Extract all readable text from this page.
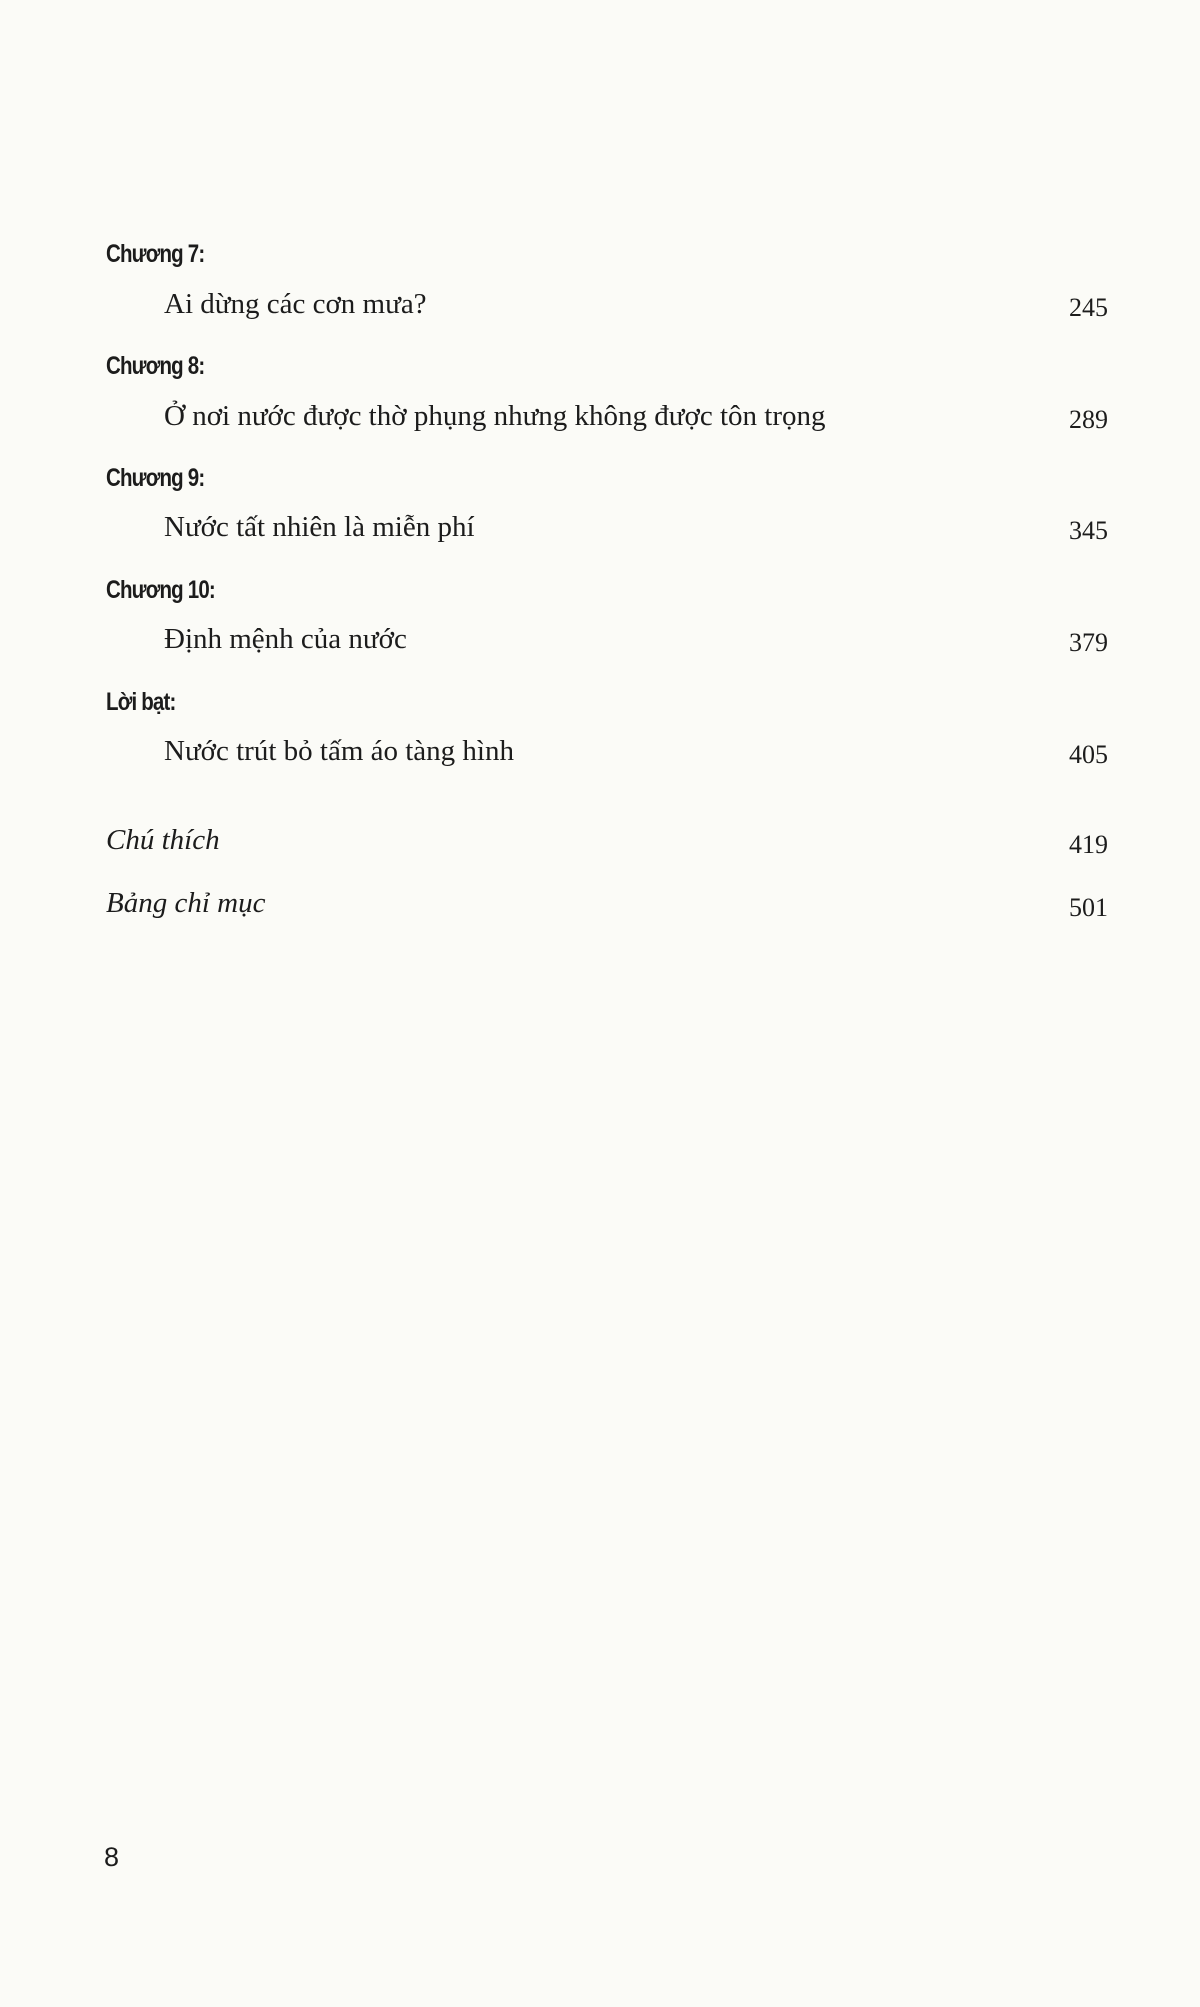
Chương 7:
Ai dừng các cơn mưa?	245
Chương 8:
Ở nơi nước được thờ phụng nhưng không được tôn trọng	289
Chương 9:
Nước tất nhiên là miễn phí	345
Chương 10:
Định mệnh của nước	379
Lời bạt:
Nước trút bỏ tấm áo tàng hình	405
Chú thích	419
Bảng chỉ mục	501
8
